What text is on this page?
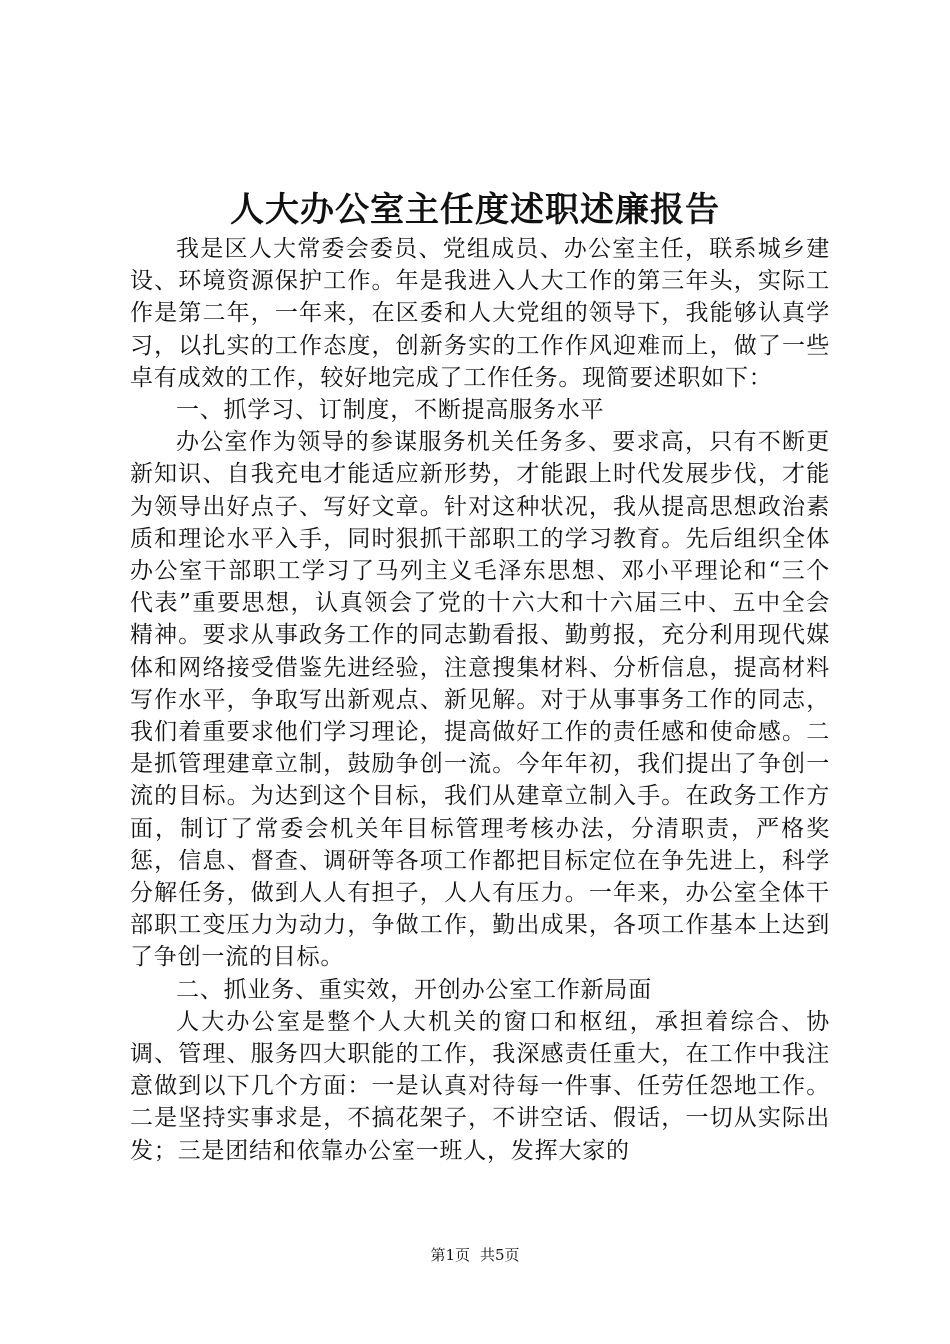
人大办公室主任度述职述廉报告

我是区人大常委会委员、党组成员、办公室主任，联系城乡建设、环境资源保护工作。年是我进入人大工作的第三年头，实际工作是第二年，一年来，在区委和人大党组的领导下，我能够认真学习，以扎实的工作态度，创新务实的工作作风迎难而上，做了一些卓有成效的工作，较好地完成了工作任务。现简要述职如下：

一、抓学习、订制度，不断提高服务水平

办公室作为领导的参谋服务机关任务多、要求高，只有不断更新知识、自我充电才能适应新形势，才能跟上时代发展步伐，才能为领导出好点子、写好文章。针对这种状况，我从提高思想政治素质和理论水平入手，同时狠抓干部职工的学习教育。先后组织全体办公室干部职工学习了马列主义毛泽东思想、邓小平理论和“三个代表”重要思想，认真领会了党的十六大和十六届三中、五中全会精神。要求从事政务工作的同志勤看报、勤剪报，充分利用现代媒体和网络接受借鉴先进经验，注意搜集材料、分析信息，提高材料写作水平，争取写出新观点、新见解。对于从事事务工作的同志，我们着重要求他们学习理论，提高做好工作的责任感和使命感。二是抓管理建章立制，鼓励争创一流。今年年初，我们提出了争创一流的目标。为达到这个目标，我们从建章立制入手。在政务工作方面，制订了常委会机关年目标管理考核办法，分清职责，严格奖惩，信息、督查、调研等各项工作都把目标定位在争先进上，科学分解任务，做到人人有担子，人人有压力。一年来，办公室全体干部职工变压力为动力，争做工作，勤出成果，各项工作基本上达到了争创一流的目标。

二、抓业务、重实效，开创办公室工作新局面

人大办公室是整个人大机关的窗口和枢纽，承担着综合、协调、管理、服务四大职能的工作，我深感责任重大，在工作中我注意做到以下几个方面：一是认真对待每一件事、任劳任怨地工作。二是坚持实事求是，不搞花架子，不讲空话、假话，一切从实际出发；三是团结和依靠办公室一班人，发挥大家的

第1页 共5页
